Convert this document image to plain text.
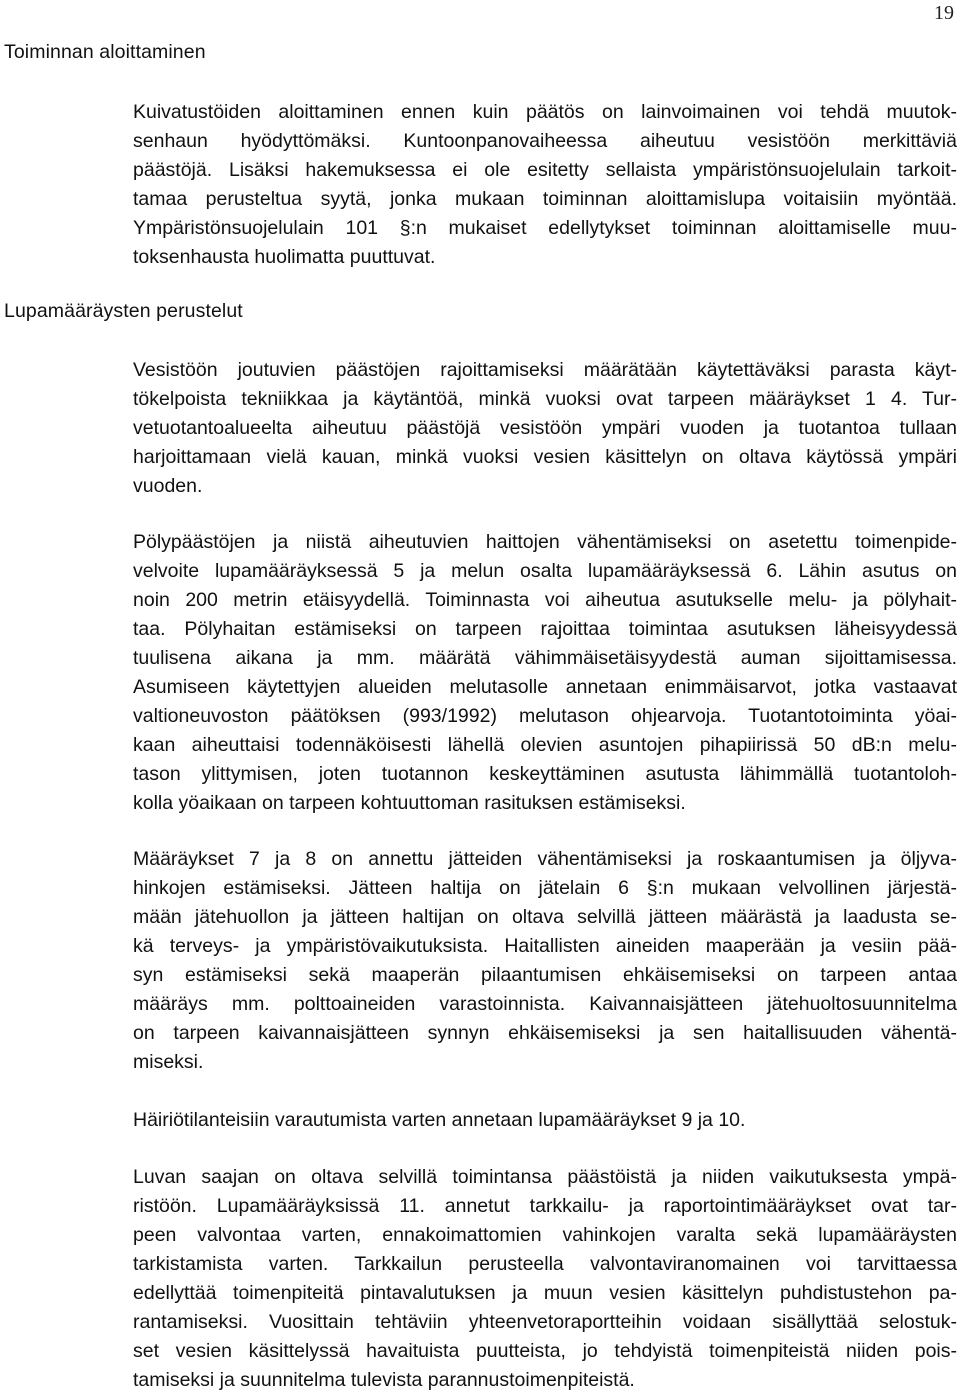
19
Toiminnan aloittaminen
Kuivatustöiden aloittaminen ennen kuin päätös on lainvoimainen voi tehdä muutok-
senhaun hyödyttömäksi. Kuntoonpanovaiheessa aiheutuu vesistöön merkittäviä
päästöjä. Lisäksi hakemuksessa ei ole esitetty sellaista ympäristönsuojelulain tarkoit-
tamaa perusteltua syytä, jonka mukaan toiminnan aloittamislupa voitaisiin myöntää.
Ympäristönsuojelulain 101 §:n mukaiset edellytykset toiminnan aloittamiselle muu-
toksenhausta huolimatta puuttuvat.
Lupamääräysten perustelut
Vesistöön joutuvien päästöjen rajoittamiseksi määrätään käytettäväksi parasta käyt-
tökelpoista tekniikkaa ja käytäntöä, minkä vuoksi ovat tarpeen määräykset 1 4. Tur-
vetuotantoalueelta aiheutuu päästöjä vesistöön ympäri vuoden ja tuotantoa tullaan
harjoittamaan vielä kauan, minkä vuoksi vesien käsittelyn on oltava käytössä ympäri
vuoden.
Pölypäästöjen ja niistä aiheutuvien haittojen vähentämiseksi on asetettu toimenpide-
velvoite lupamääräyksessä 5 ja melun osalta lupamääräyksessä 6. Lähin asutus on
noin 200 metrin etäisyydellä. Toiminnasta voi aiheutua asutukselle melu- ja pölyhait-
taa. Pölyhaitan estämiseksi on tarpeen rajoittaa toimintaa asutuksen läheisyydessä
tuulisena aikana ja mm. määrätä vähimmäisetäisyydestä auman sijoittamisessa.
Asumiseen käytettyjen alueiden melutasolle annetaan enimmäisarvot, jotka vastaavat
valtioneuvoston päätöksen (993/1992) melutason ohjearvoja. Tuotantotoiminta yöai-
kaan aiheuttaisi todennäköisesti lähellä olevien asuntojen pihapiirissä 50 dB:n melu-
tason ylittymisen, joten tuotannon keskeyttäminen asutusta lähimmällä tuotantoloh-
kolla yöaikaan on tarpeen kohtuuttoman rasituksen estämiseksi.
Määräykset 7 ja 8 on annettu jätteiden vähentämiseksi ja roskaantumisen ja öljyva-
hinkojen estämiseksi. Jätteen haltija on jätelain 6 §:n mukaan velvollinen järjestä-
mään jätehuollon ja jätteen haltijan on oltava selvillä jätteen määrästä ja laadusta se-
kä terveys- ja ympäristövaikutuksista. Haitallisten aineiden maaperään ja vesiin pää-
syn estämiseksi sekä maaperän pilaantumisen ehkäisemiseksi on tarpeen antaa
määräys mm. polttoaineiden varastoinnista. Kaivannaisjätteen jätehuoltosuunnitelma
on tarpeen kaivannaisjätteen synnyn ehkäisemiseksi ja sen haitallisuuden vähentä-
miseksi.
Häiriötilanteisiin varautumista varten annetaan lupamääräykset 9 ja 10.
Luvan saajan on oltava selvillä toimintansa päästöistä ja niiden vaikutuksesta ympä-
ristöön. Lupamääräyksissä 11. annetut tarkkailu- ja raportointimääräykset ovat tar-
peen valvontaa varten, ennakoimattomien vahinkojen varalta sekä lupamääräysten
tarkistamista varten. Tarkkailun perusteella valvontaviranomainen voi tarvittaessa
edellyttää toimenpiteitä pintavalutuksen ja muun vesien käsittelyn puhdistustehon pa-
rantamiseksi. Vuosittain tehtäviin yhteenvetoraportteihin voidaan sisällyttää selostuk-
set vesien käsittelyssä havaituista puutteista, jo tehdyistä toimenpiteistä niiden pois-
tamiseksi ja suunnitelma tulevista parannustoimenpiteistä.
